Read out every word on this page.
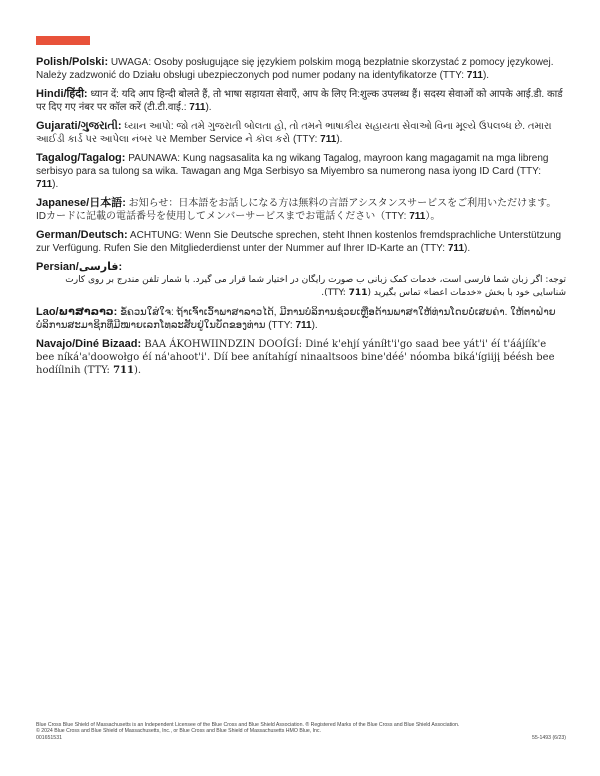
Polish/Polski: UWAGA: Osoby posługujące się językiem polskim mogą bezpłatnie skorzystać z pomocy językowej. Należy zadzwonić do Działu obsługi ubezpieczonych pod numer podany na identyfikatorze (TTY: 711).

Hindi/हिंदी: ध्यान दें: यदि आप हिन्दी बोलते हैं, तो भाषा सहायता सेवाएँ, आप के लिए नि:शुल्क उपलब्ध हैं। सदस्य सेवाओं को आपके आई.डी. कार्ड पर दिए गए नंबर पर कॉल करें (टी.टी.वाई.: 711).

Gujarati/ગુજરાતી: ધ્યાન આપો: જો તમે ગુજરાતી બોલતા હો, તો તમને ભાષાકીય સહાયતા સેવાઓ વિના મૂલ્યે ઉપલબ્ધ છે. તમારા આઈડી કાર્ડ પર આપેલા નંબર પર Member Service ને કૉલ કરો (TTY: 711).

Tagalog/Tagalog: PAUNAWA: Kung nagsasalita ka ng wikang Tagalog, mayroon kang magagamit na mga libreng serbisyo para sa tulong sa wika. Tawagan ang Mga Serbisyo sa Miyembro sa numerong nasa iyong ID Card (TTY: 711).

Japanese/日本語: お知らせ：日本語をお話しになる方は無料の言語アシスタンスサービスをご利用いただけます。IDカードに記載の電話番号を使用してメンバーサービスまでお電話ください（TTY: 711）。

German/Deutsch: ACHTUNG: Wenn Sie Deutsche sprechen, steht Ihnen kostenlos fremdsprachliche Unterstützung zur Verfügung. Rufen Sie den Mitgliederdienst unter der Nummer auf Ihrer ID-Karte an (TTY: 711).

Persian/فارسی:

توجه: اگر زبان شما فارسی است، خدمات کمک زبانی ب صورت رایگان در اختیار شما قرار می گیرد. با شمار تلفن مندرج بر روی کارت شناسایی خود با بخش «خدمات اعضا» تماس بگیرید (TTY: 711).

Lao/ພາສາລາວ: ຂໍ້ຄວນໃສ່ໃຈ: ຖ້າເຈົ້າເວົ້າພາສາລາວໄດ້, ມີການບໍລິການຊ່ວຍເຫຼືອດ້ານພາສາໃຫ້ທ່ານໂດຍບໍ່ເສຍຄ່າ. ໃຫ້ຕາຝ່າຍບໍລິການສະມາຊິກທີ່ມີໝາຍເລກໂທລະສັບຢູ່ໃນບັດຂອງທ່ານ (TTY: 711).

Navajo/Diné Bizaad: BAA ÁKOHWIINDZIN DOOÍGÍ: Diné k'ehjí yáníłt'i'go saad bee yát'i' éí t'áájíík'e bee níká'a'doowołgo éí ná'ahoot'i'. Díí bee anítahígí ninaaltsoos bine'déé' nóomba biká'ígiijį béésh bee hodíílnih (TTY: 711).

Blue Cross Blue Shield of Massachusetts is an Independent Licensee of the Blue Cross and Blue Shield Association. ® Registered Marks of the Blue Cross and Blue Shield Association.
© 2024 Blue Cross and Blue Shield of Massachusetts, Inc., or Blue Cross and Blue Shield of Massachusetts HMO Blue, Inc.
001651531	55-1493 (6/23)
